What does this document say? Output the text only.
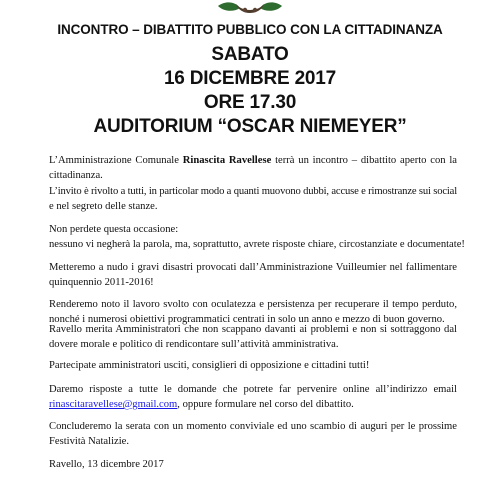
INCONTRO – DIBATTITO PUBBLICO CON LA CITTADINANZA
SABATO
16 DICEMBRE 2017
ORE 17.30
AUDITORIUM “OSCAR NIEMEYER”
L’Amministrazione Comunale Rinascita Ravellese terrà un incontro – dibattito aperto con la
cittadinanza.
L’invito è rivolto a tutti, in particolar modo a quanti muovono dubbi, accuse e rimostranze sui social
e nel segreto delle stanze.
Non perdete questa occasione:
nessuno vi negherà la parola, ma, soprattutto, avrete risposte chiare, circostanziate e documentate!
Metteremo a nudo i gravi disastri provocati dall’Amministrazione Vuilleumier nel fallimentare
quinquennio 2011-2016!
Renderemo noto il lavoro svolto con oculatezza e persistenza per recuperare il tempo perduto,
nonché i numerosi obiettivi programmatici centrati in solo un anno e mezzo di buon governo.
Ravello merita Amministratori che non scappano davanti ai problemi e non si sottraggono dal
dovere morale e politico di rendicontare sull’attività amministrativa.
Partecipate amministratori usciti, consiglieri di opposizione e cittadini tutti!
Daremo risposte a tutte le domande che potrete far pervenire online all’indirizzo email
rinascitaravellese@gmail.com, oppure formulare nel corso del dibattito.
Concluderemo la serata con un momento conviviale ed uno scambio di auguri per le prossime
Festività Natalizie.
Ravello, 13 dicembre 2017
